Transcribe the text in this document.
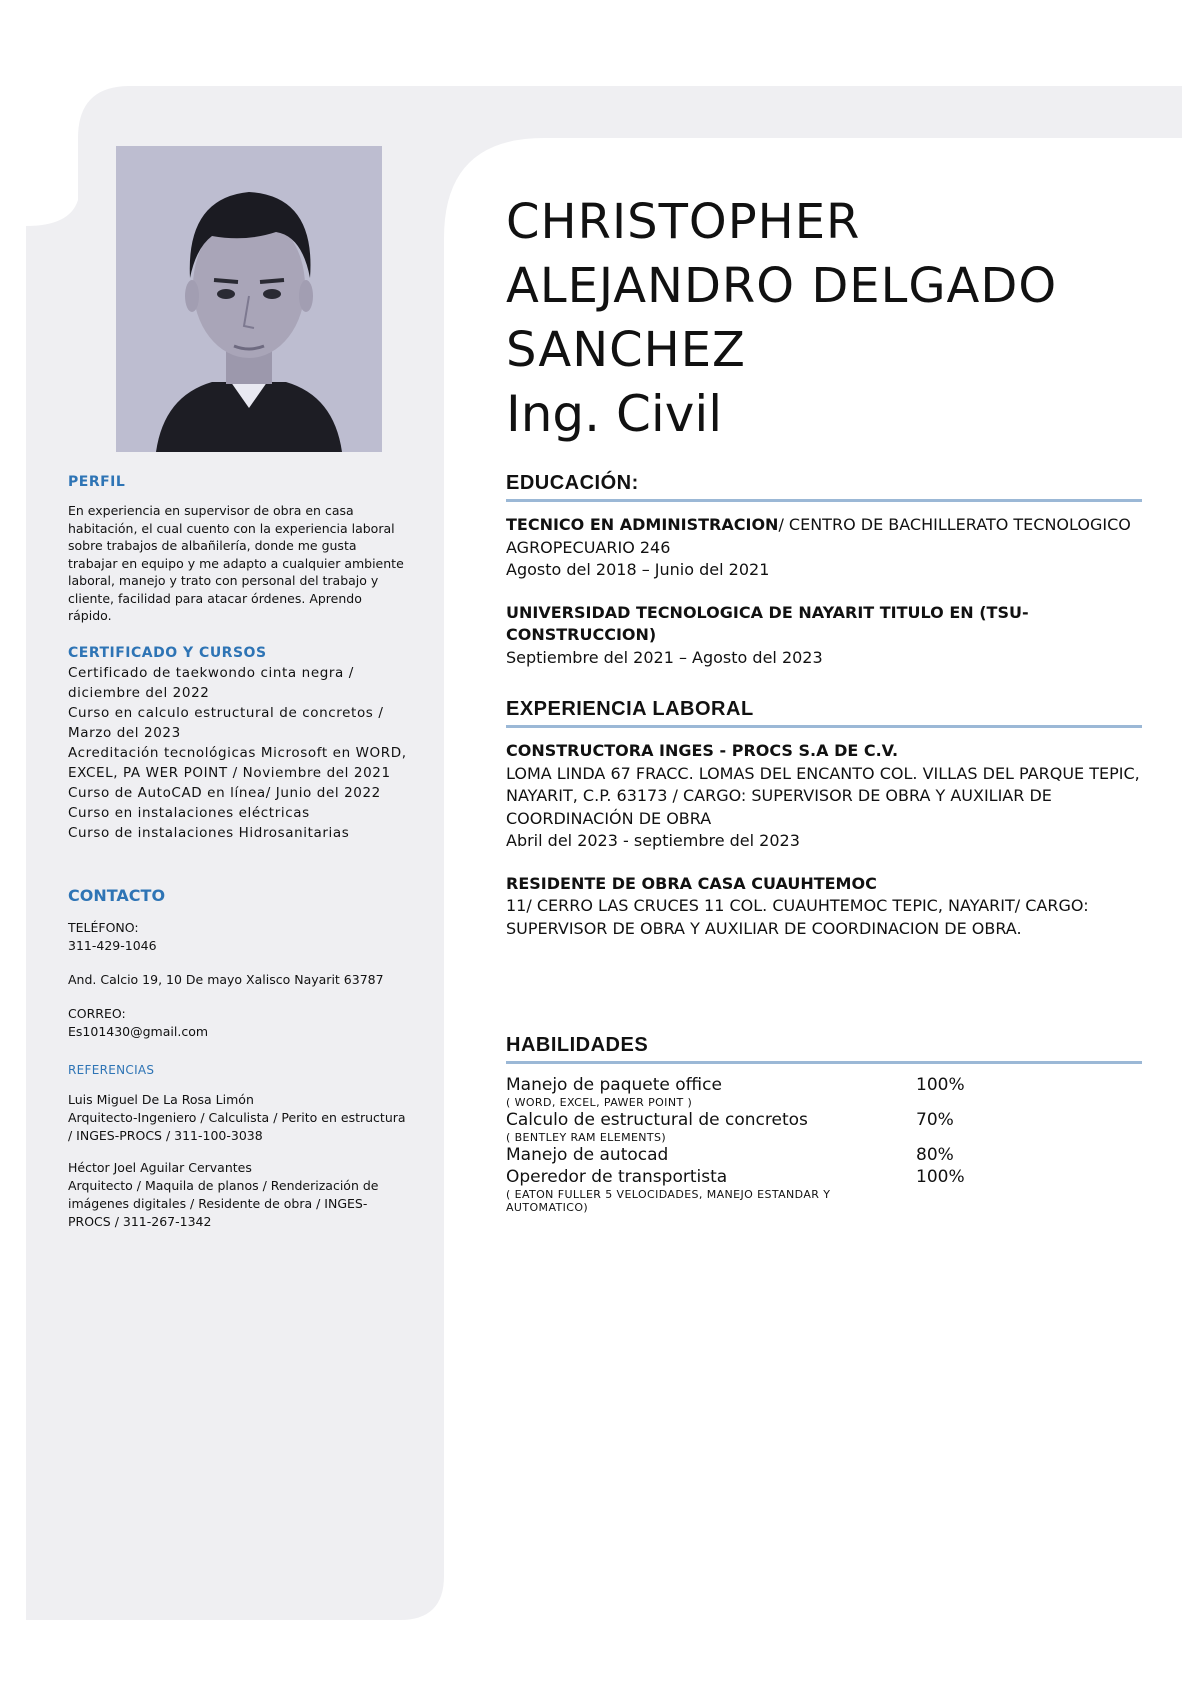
PERFIL

En experiencia en supervisor de obra en casa habitación, el cual cuento con la experiencia laboral sobre trabajos de albañilería, donde me gusta trabajar en equipo y me adapto a cualquier ambiente laboral, manejo y trato con personal del trabajo y cliente, facilidad para atacar órdenes. Aprendo rápido.

CERTIFICADO Y CURSOS
Certificado de taekwondo cinta negra / diciembre del 2022
Curso en calculo estructural de concretos / Marzo del 2023
Acreditación tecnológicas Microsoft en WORD, EXCEL, PA WER POINT / Noviembre del 2021
Curso de AutoCAD en línea/ Junio del 2022
Curso en instalaciones eléctricas
Curso de instalaciones Hidrosanitarias
CONTACTO
TELÉFONO:
311-429-1046
And. Calcio 19, 10 De mayo Xalisco Nayarit 63787
CORREO:
Es101430@gmail.com
REFERENCIAS
Luis Miguel De La Rosa Limón
Arquitecto-Ingeniero / Calculista / Perito en estructura / INGES-PROCS / 311-100-3038
Héctor Joel Aguilar Cervantes
Arquitecto / Maquila de planos / Renderización de imágenes digitales / Residente de obra / INGES-PROCS / 311-267-1342
CHRISTOPHER
ALEJANDRO DELGADO
SANCHEZ
Ing. Civil
EDUCACIÓN:
TECNICO EN ADMINISTRACION/ CENTRO DE BACHILLERATO TECNOLOGICO AGROPECUARIO 246
Agosto del 2018 – Junio del 2021
UNIVERSIDAD TECNOLOGICA DE NAYARIT TITULO EN (TSU-CONSTRUCCION)
Septiembre del 2021 – Agosto del 2023
EXPERIENCIA LABORAL
CONSTRUCTORA INGES - PROCS S.A DE C.V.
LOMA LINDA 67 FRACC. LOMAS DEL ENCANTO COL. VILLAS DEL PARQUE TEPIC, NAYARIT, C.P. 63173 / CARGO: SUPERVISOR DE OBRA Y AUXILIAR DE COORDINACIÓN DE OBRA
Abril del 2023 - septiembre del 2023
RESIDENTE DE OBRA CASA CUAUHTEMOC
11/ CERRO LAS CRUCES 11 COL. CUAUHTEMOC TEPIC, NAYARIT/ CARGO: SUPERVISOR DE OBRA Y AUXILIAR DE COORDINACION DE OBRA.
HABILIDADES
Manejo de paquete office	100%
( WORD, EXCEL, PAWER POINT )
Calculo de estructural de concretos	70%
( BENTLEY RAM ELEMENTS)
Manejo de autocad	80%
Operedor de transportista	100%
( EATON FULLER 5 VELOCIDADES, MANEJO ESTANDAR Y AUTOMATICO)
